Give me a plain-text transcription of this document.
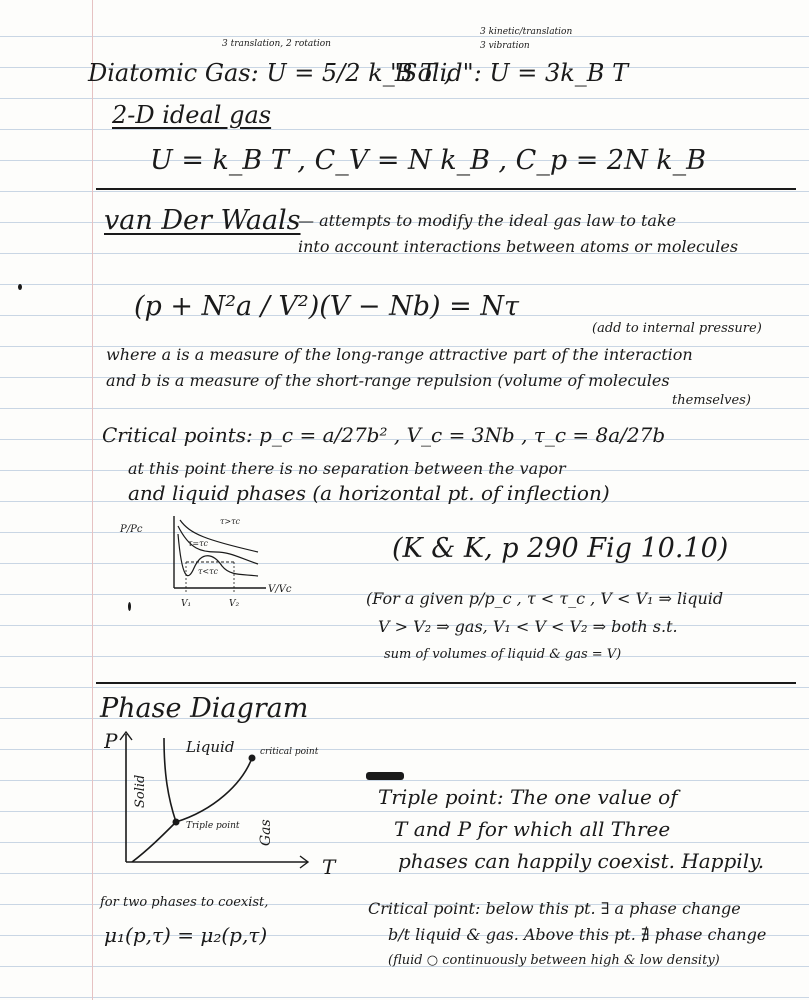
3 translation, 2 rotation
3 kinetic/translation
3 vibration
Diatomic Gas: U = 5/2 k_B T ,
"Solid": U = 3k_B T
2-D ideal gas
U = k_B T , C_V = N k_B , C_p = 2N k_B
van Der Waals
— attempts to modify the ideal gas law to take
into account interactions between atoms or molecules
(p + N²a / V²)(V − Nb) = Nτ
(add to internal pressure)
where a is a measure of the long-range attractive part of the interaction
and b is a measure of the short-range repulsion (volume of molecules
themselves)
Critical points: p_c = a/27b² , V_c = 3Nb , τ_c = 8a/27b
at this point there is no separation between the vapor
and liquid phases (a horizontal pt. of inflection)
P/Pc
V/Vc
τ>τc
τ=τc
τ<τc
V₁	V₂
(K & K, p 290 Fig 10.10)
(For a given p/p_c , τ < τ_c , V < V₁ ⇒ liquid
V > V₂ ⇒ gas, V₁ < V < V₂ ⇒ both s.t.
sum of volumes of liquid & gas = V)
Phase Diagram
P
T
Solid
Liquid
Gas
critical point
Triple point
Triple point: The one value of
T and P for which all Three
phases can happily coexist. Happily.
for two phases to coexist,
μ₁(p,τ) = μ₂(p,τ)
Critical point: below this pt. ∃ a phase change
b/t liquid & gas. Above this pt. ∄ phase change
(fluid ○ continuously between high & low density)
